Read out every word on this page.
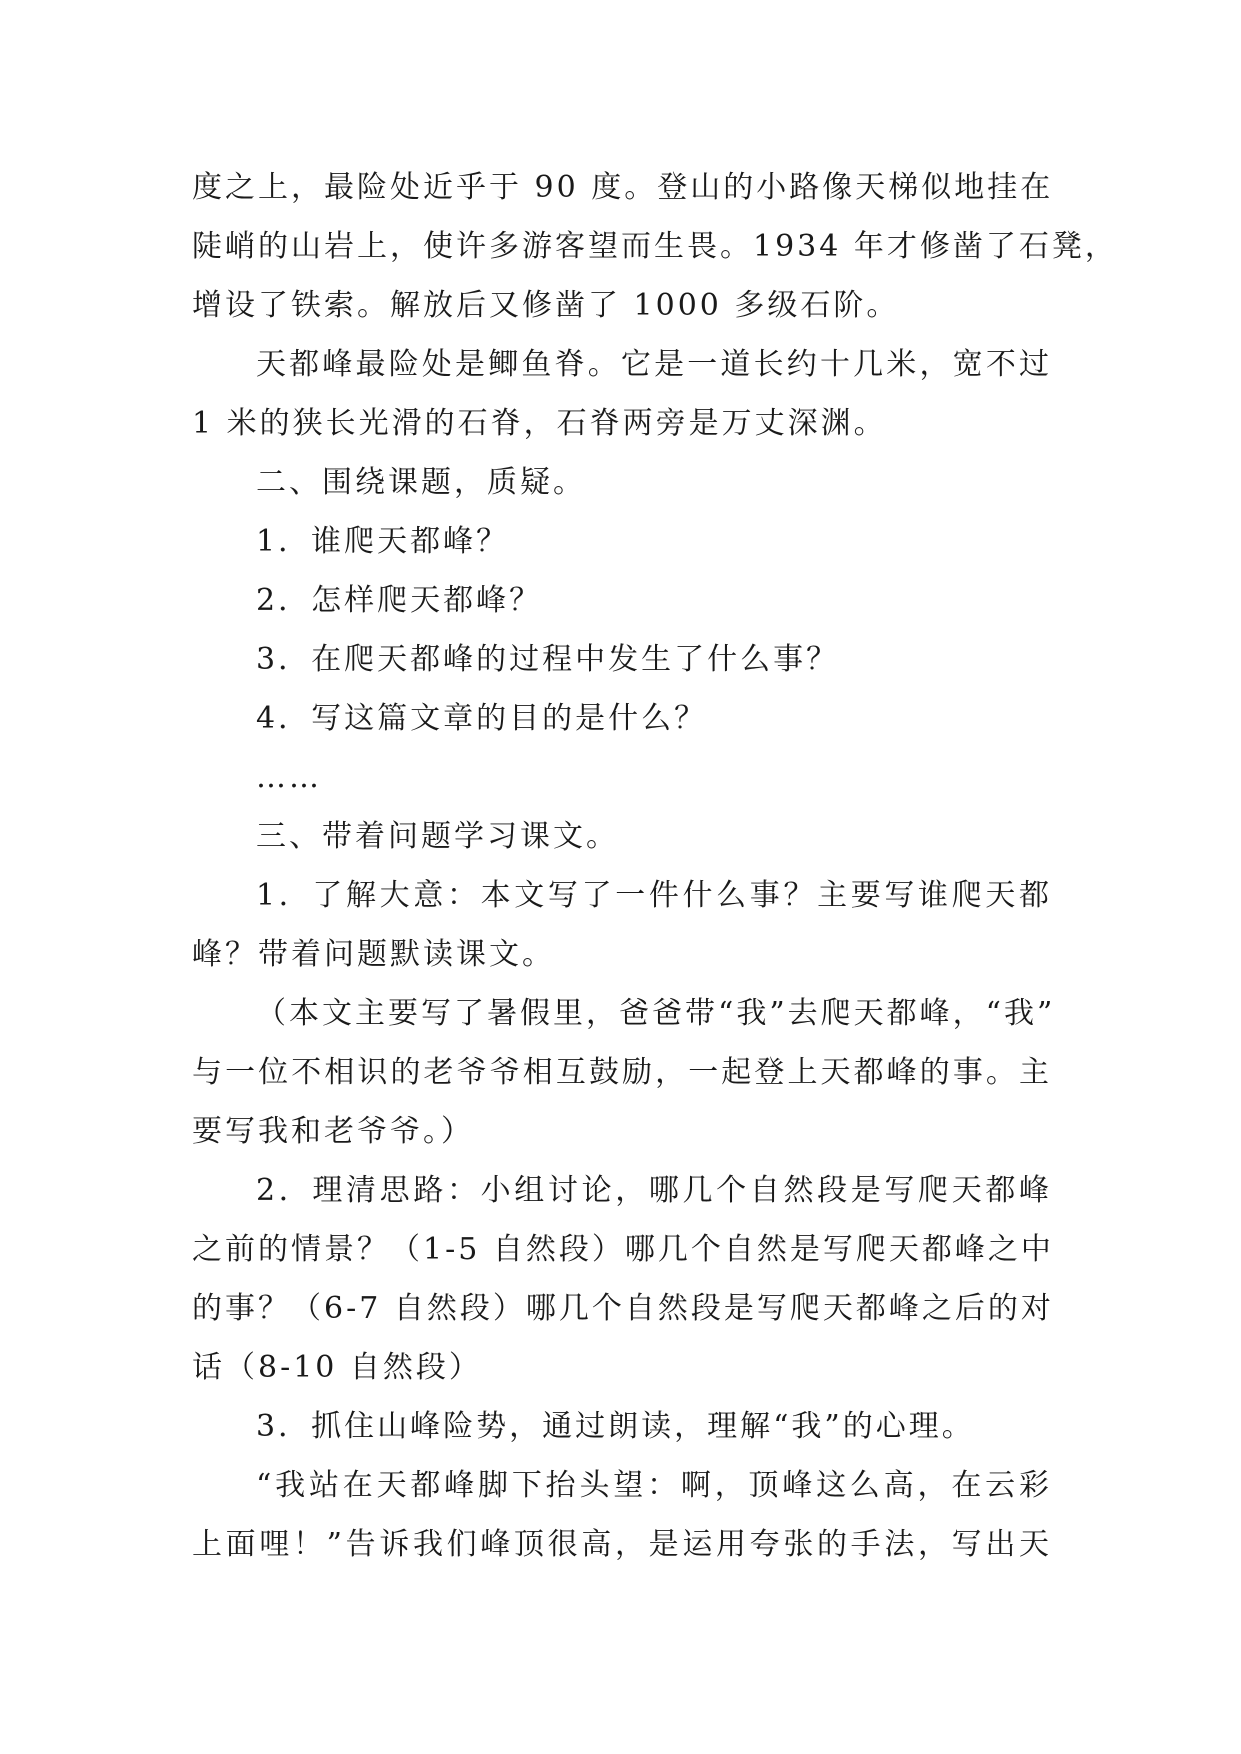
度之上，最险处近乎于 90 度。登山的小路像天梯似地挂在
陡峭的山岩上，使许多游客望而生畏。1934 年才修凿了石凳，
增设了铁索。解放后又修凿了 1000 多级石阶。
天都峰最险处是鲫鱼脊。它是一道长约十几米，宽不过
1 米的狭长光滑的石脊，石脊两旁是万丈深渊。
二、围绕课题，质疑。
1．谁爬天都峰？
2．怎样爬天都峰？
3．在爬天都峰的过程中发生了什么事？
4．写这篇文章的目的是什么？
……
三、带着问题学习课文。
1．了解大意：本文写了一件什么事？主要写谁爬天都
峰？带着问题默读课文。
（本文主要写了暑假里，爸爸带“我”去爬天都峰，“我”
与一位不相识的老爷爷相互鼓励，一起登上天都峰的事。主
要写我和老爷爷。）
2．理清思路：小组讨论，哪几个自然段是写爬天都峰
之前的情景？（1-5 自然段）哪几个自然是写爬天都峰之中
的事？（6-7 自然段）哪几个自然段是写爬天都峰之后的对
话（8-10 自然段）
3．抓住山峰险势，通过朗读，理解“我”的心理。
“我站在天都峰脚下抬头望：啊，顶峰这么高，在云彩
上面哩！”告诉我们峰顶很高，是运用夸张的手法，写出天
